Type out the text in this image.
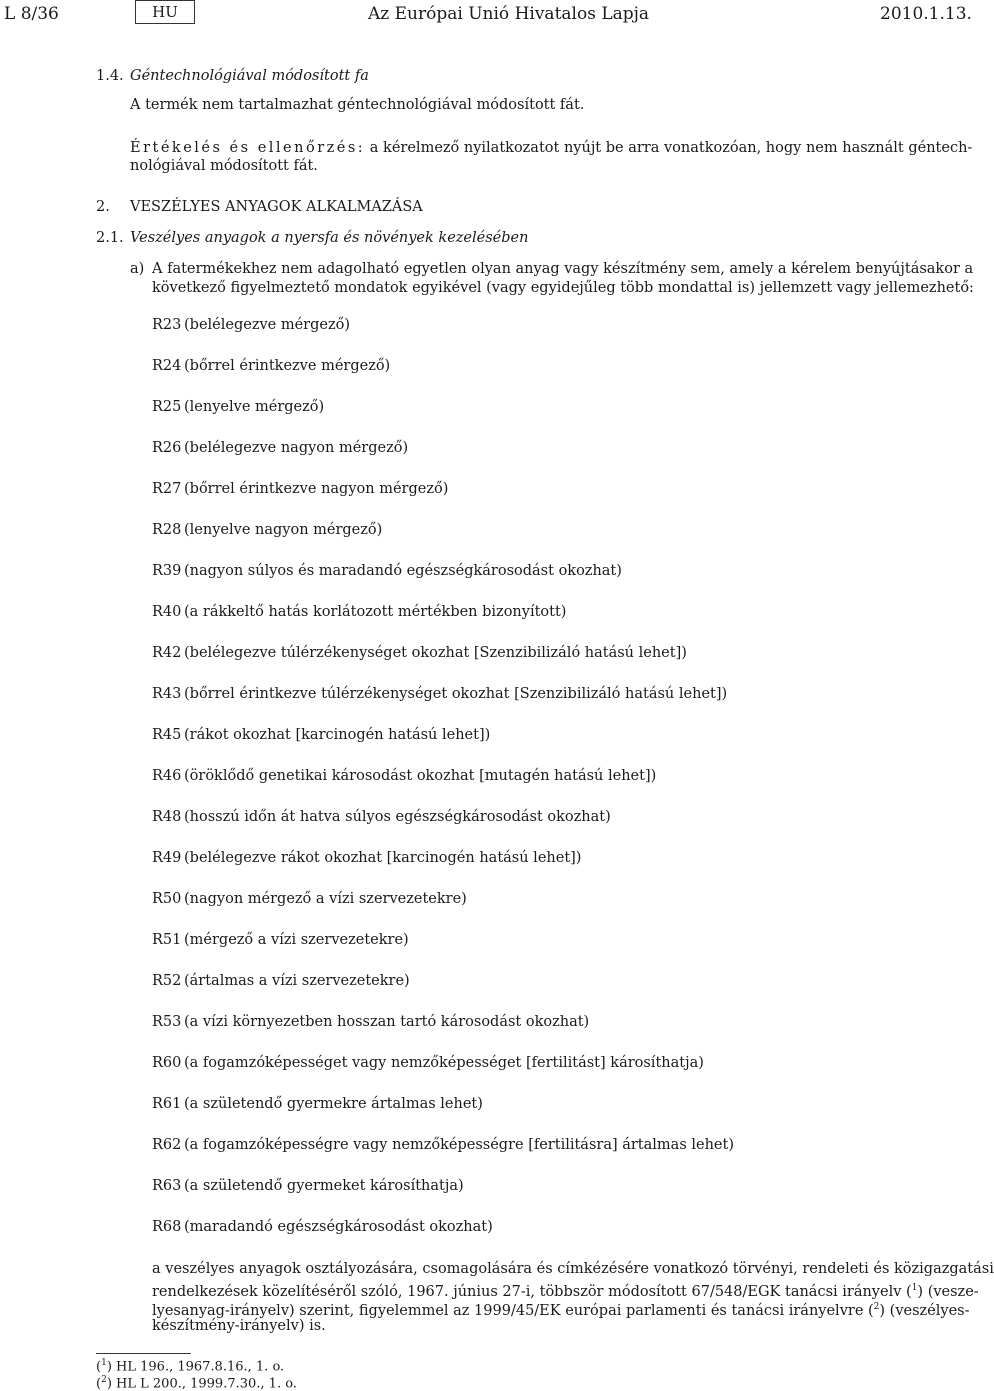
L 8/36	HU	Az Európai Unió Hivatalos Lapja	2010.1.13.
1.4. Géntechnológiával módosított fa
A termék nem tartalmazhat géntechnológiával módosított fát.
Értékelés és ellenőrzés: a kérelmező nyilatkozatot nyújt be arra vonatkozóan, hogy nem használt géntech-
nológiával módosított fát.
2. VESZÉLYES ANYAGOK ALKALMAZÁSA
2.1. Veszélyes anyagok a nyersfa és növények kezelésében
a) A fatermékekhez nem adagolható egyetlen olyan anyag vagy készítmény sem, amely a kérelem benyújtásakor a
következő figyelmeztető mondatok egyikével (vagy egyidejűleg több mondattal is) jellemzett vagy jellemezhető:
R23 (belélegezve mérgező)
R24 (bőrrel érintkezve mérgező)
R25 (lenyelve mérgező)
R26 (belélegezve nagyon mérgező)
R27 (bőrrel érintkezve nagyon mérgező)
R28 (lenyelve nagyon mérgező)
R39 (nagyon súlyos és maradandó egészségkárosodást okozhat)
R40 (a rákkeltő hatás korlátozott mértékben bizonyított)
R42 (belélegezve túlérzékenységet okozhat [Szenzibilizáló hatású lehet])
R43 (bőrrel érintkezve túlérzékenységet okozhat [Szenzibilizáló hatású lehet])
R45 (rákot okozhat [karcinogén hatású lehet])
R46 (öröklődő genetikai károsodást okozhat [mutagén hatású lehet])
R48 (hosszú időn át hatva súlyos egészségkárosodást okozhat)
R49 (belélegezve rákot okozhat [karcinogén hatású lehet])
R50 (nagyon mérgező a vízi szervezetekre)
R51 (mérgező a vízi szervezetekre)
R52 (ártalmas a vízi szervezetekre)
R53 (a vízi környezetben hosszan tartó károsodást okozhat)
R60 (a fogamzóképességet vagy nemzőképességet [fertilitást] károsíthatja)
R61 (a születendő gyermekre ártalmas lehet)
R62 (a fogamzóképességre vagy nemzőképességre [fertilitásra] ártalmas lehet)
R63 (a születendő gyermeket károsíthatja)
R68 (maradandó egészségkárosodást okozhat)
a veszélyes anyagok osztályozására, csomagolására és címkézésére vonatkozó törvényi, rendeleti és közigazgatási
rendelkezések közelítéséről szóló, 1967. június 27-i, többször módosított 67/548/EGK tanácsi irányelv ($^1$) (vesze-
lyesanyag-irányelv) szerint, figyelemmel az 1999/45/EK európai parlamenti és tanácsi irányelvre ($^2$) (veszélyes-
készítmény-irányelv) is.
($^1$) HL 196., 1967.8.16., 1. o.
($^2$) HL L 200., 1999.7.30., 1. o.
